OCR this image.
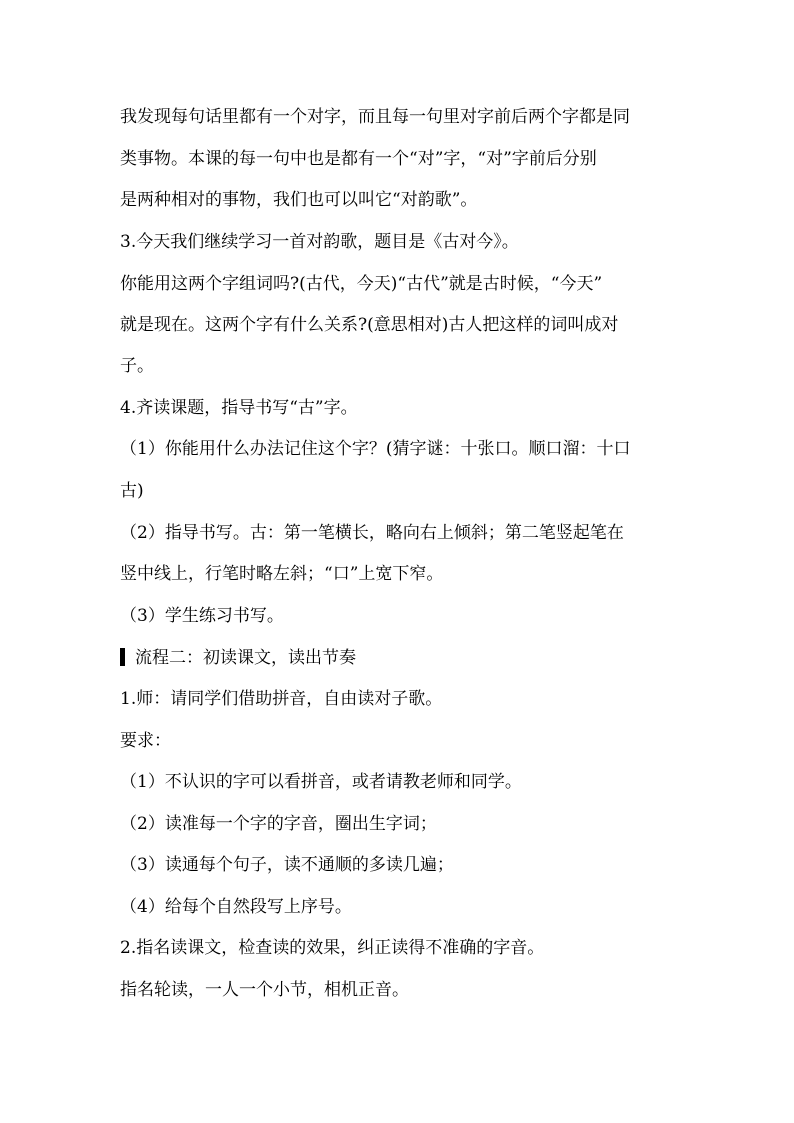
我发现每句话里都有一个对字，而且每一句里对字前后两个字都是同
类事物。本课的每一句中也是都有一个“对”字，“对”字前后分别
是两种相对的事物，我们也可以叫它“对韵歌”。
3.今天我们继续学习一首对韵歌，题目是《古对今》。
你能用这两个字组词吗?(古代，今天)“古代”就是古时候，“今天”
就是现在。这两个字有什么关系?(意思相对)古人把这样的词叫成对
子。
4.齐读课题，指导书写“古”字。
（1）你能用什么办法记住这个字？(猜字谜：十张口。顺口溜：十口
古)
（2）指导书写。古：第一笔横长，略向右上倾斜；第二笔竖起笔在
竖中线上，行笔时略左斜；“口”上宽下窄。
（3）学生练习书写。
流程二：初读课文，读出节奏
1.师：请同学们借助拼音，自由读对子歌。
要求：
（1）不认识的字可以看拼音，或者请教老师和同学。
（2）读准每一个字的字音，圈出生字词；
（3）读通每个句子，读不通顺的多读几遍；
（4）给每个自然段写上序号。
2.指名读课文，检查读的效果，纠正读得不准确的字音。
指名轮读，一人一个小节，相机正音。
